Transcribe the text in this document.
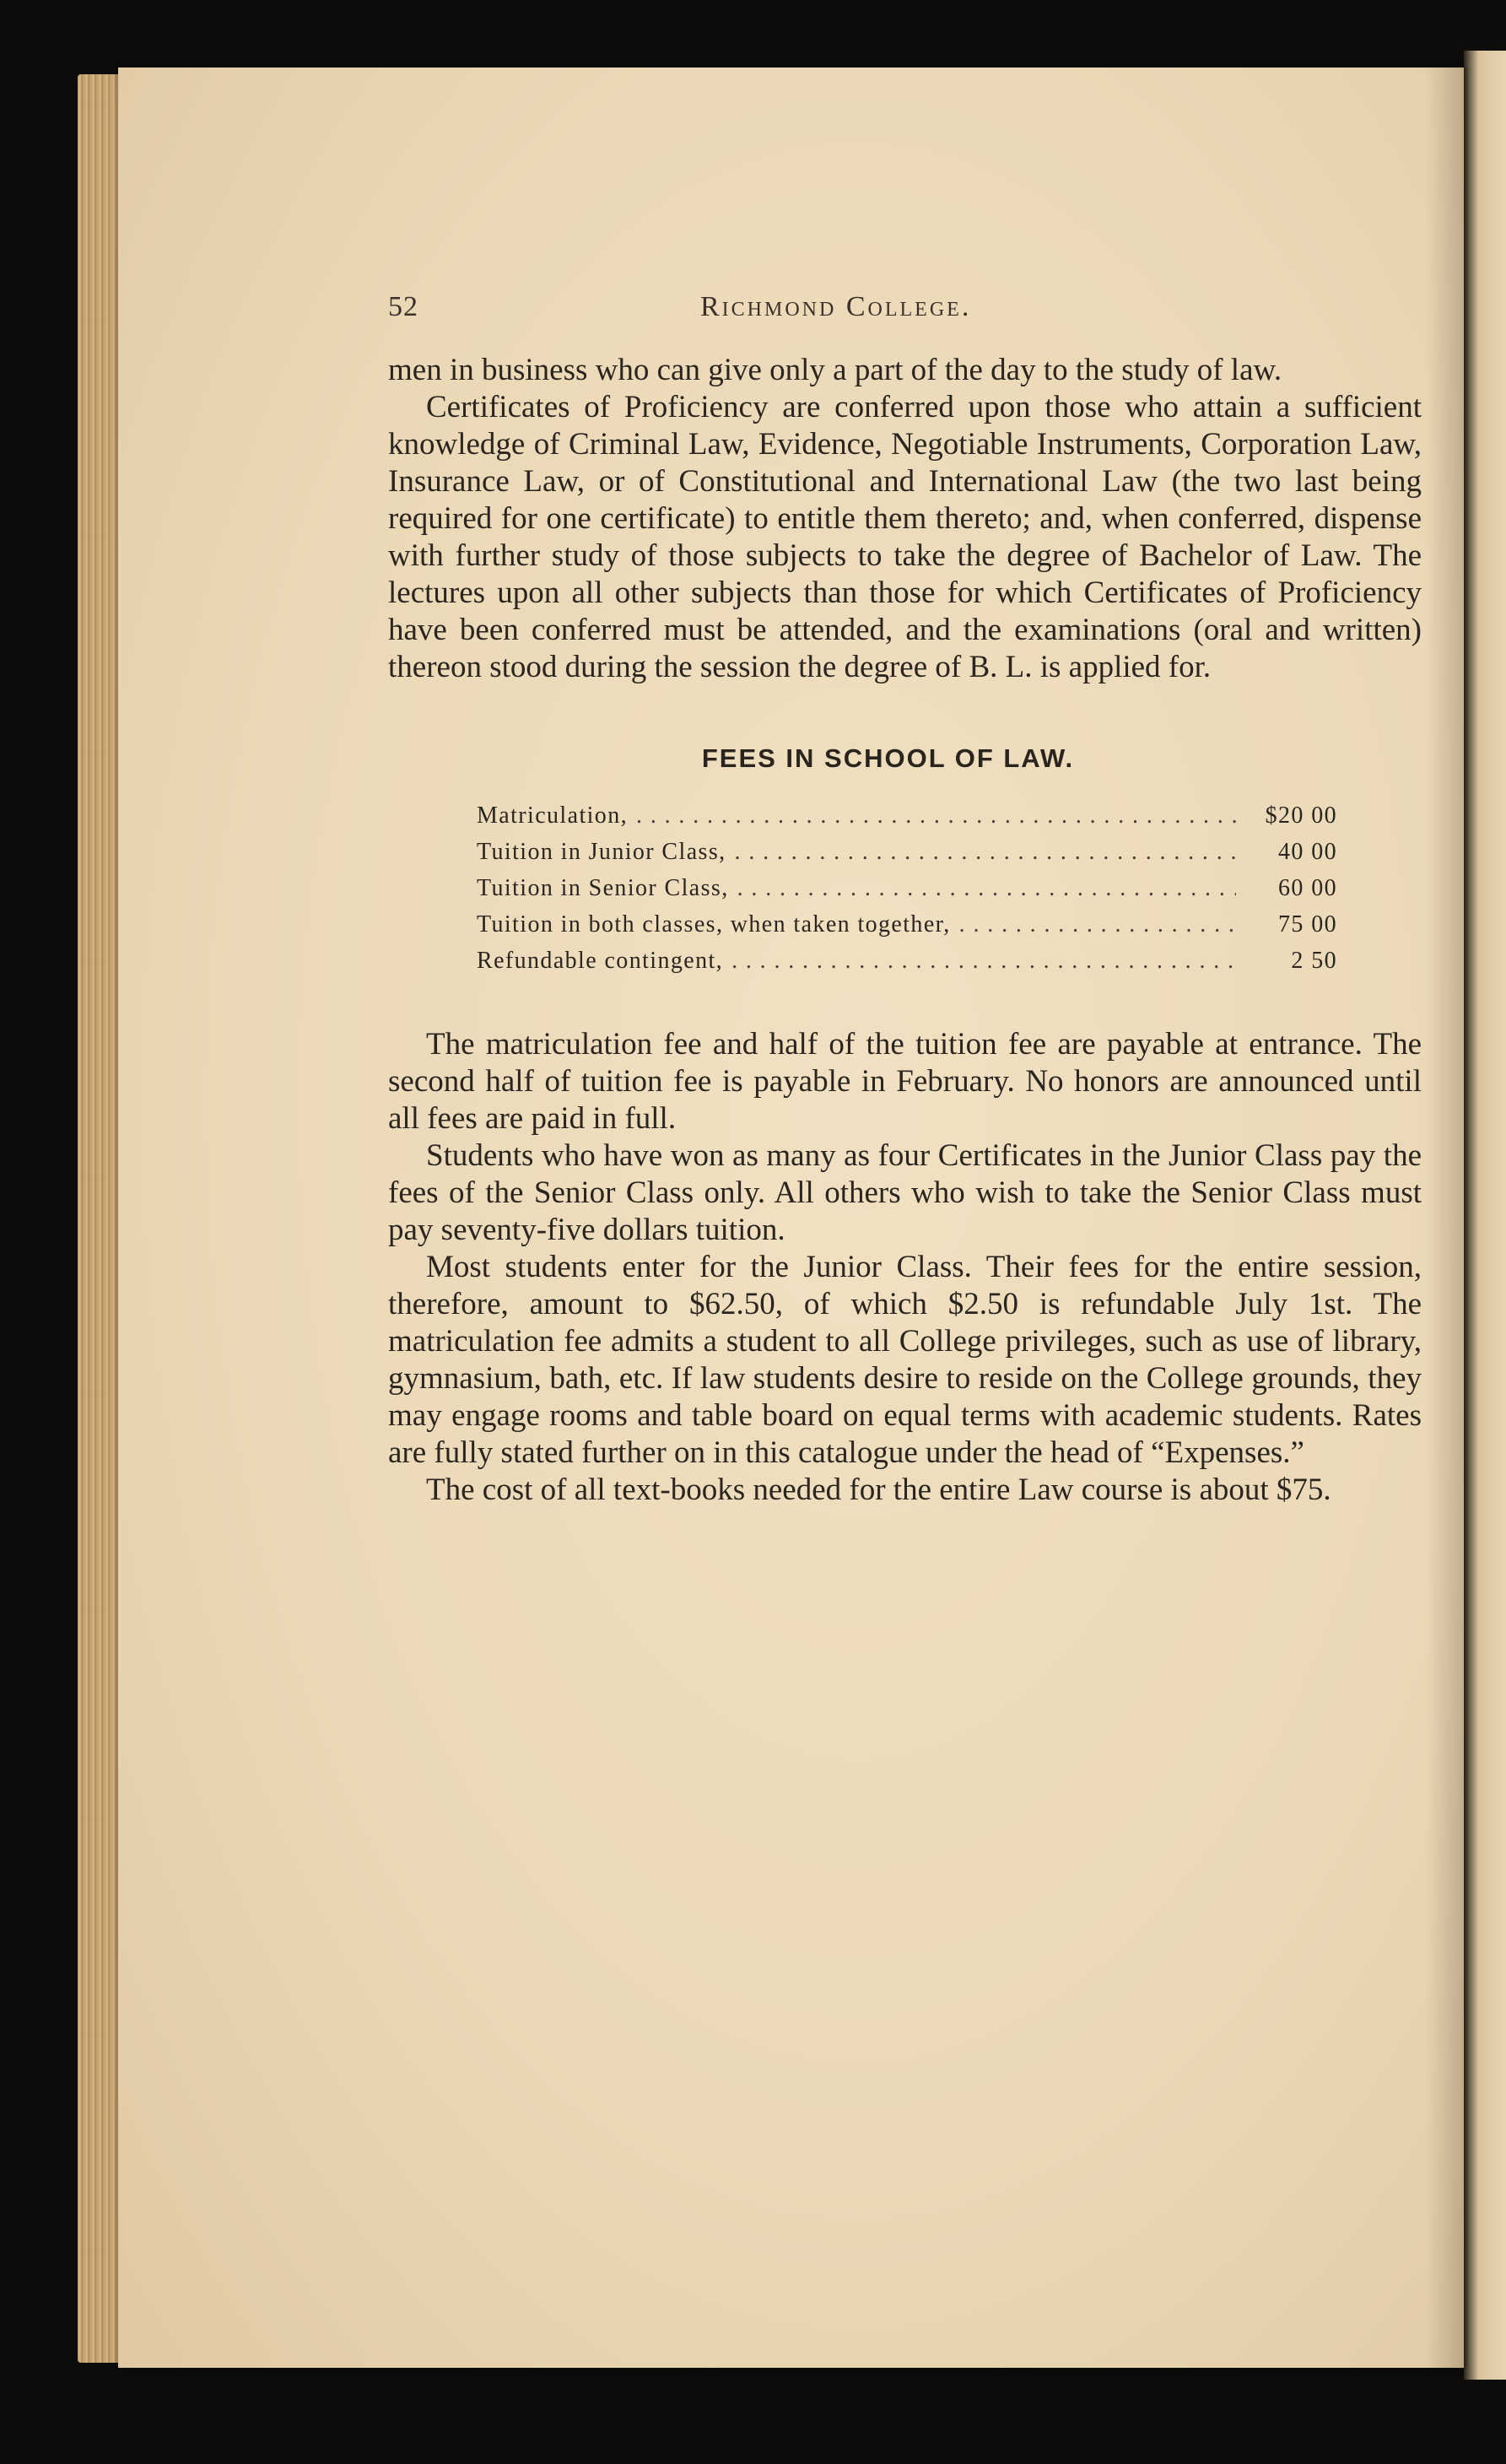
52	Richmond College.

men in business who can give only a part of the day to the study of law.

Certificates of Proficiency are conferred upon those who attain a sufficient knowledge of Criminal Law, Evidence, Negotiable Instruments, Corporation Law, Insurance Law, or of Constitutional and International Law (the two last being required for one certificate) to entitle them thereto; and, when conferred, dispense with further study of those subjects to take the degree of Bachelor of Law. The lectures upon all other subjects than those for which Certificates of Proficiency have been conferred must be attended, and the examinations (oral and written) thereon stood during the session the degree of B. L. is applied for.

FEES IN SCHOOL OF LAW.
Matriculation, . . .	$20 00
Tuition in Junior Class, . . .	40 00
Tuition in Senior Class, . . .	60 00
Tuition in both classes, when taken together, . . .	75 00
Refundable contingent, . . .	2 50

The matriculation fee and half of the tuition fee are payable at entrance. The second half of tuition fee is payable in February. No honors are announced until all fees are paid in full.

Students who have won as many as four Certificates in the Junior Class pay the fees of the Senior Class only. All others who wish to take the Senior Class must pay seventy-five dollars tuition.

Most students enter for the Junior Class. Their fees for the entire session, therefore, amount to $62.50, of which $2.50 is refundable July 1st. The matriculation fee admits a student to all College privileges, such as use of library, gymnasium, bath, etc. If law students desire to reside on the College grounds, they may engage rooms and table board on equal terms with academic students. Rates are fully stated further on in this catalogue under the head of “Expenses.”

The cost of all text-books needed for the entire Law course is about $75.
